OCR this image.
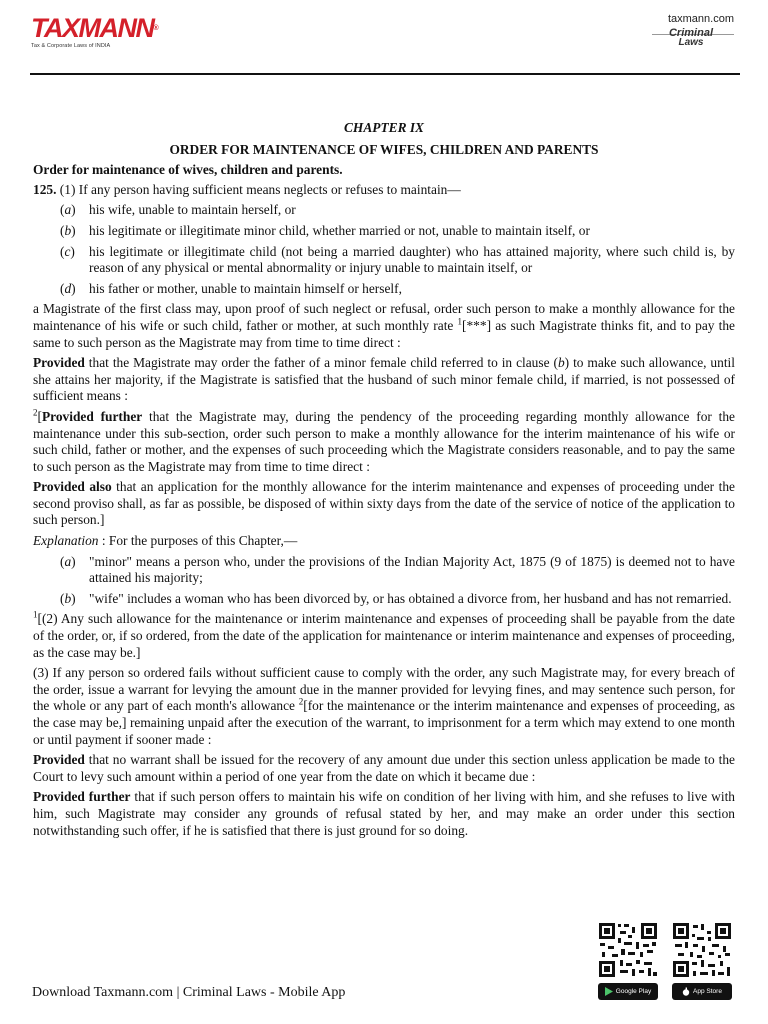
TAXMANN®
Tax & Corporate Laws of INDIA
taxmann.com
Criminal
Laws
CHAPTER IX
ORDER FOR MAINTENANCE OF WIFES, CHILDREN AND PARENTS
Order for maintenance of wives, children and parents.

125. (1) If any person having sufficient means neglects or refuses to maintain—

(a) his wife, unable to maintain herself, or
(b) his legitimate or illegitimate minor child, whether married or not, unable to maintain itself, or
(c) his legitimate or illegitimate child (not being a married daughter) who has attained majority, where such child is, by reason of any physical or mental abnormality or injury unable to maintain itself, or
(d) his father or mother, unable to maintain himself or herself,

a Magistrate of the first class may, upon proof of such neglect or refusal, order such person to make a monthly allowance for the maintenance of his wife or such child, father or mother, at such monthly rate $^1$[***] as such Magistrate thinks fit, and to pay the same to such person as the Magistrate may from time to time direct :

Provided that the Magistrate may order the father of a minor female child referred to in clause (b) to make such allowance, until she attains her majority, if the Magistrate is satisfied that the husband of such minor female child, if married, is not possessed of sufficient means :

$^2$[Provided further that the Magistrate may, during the pendency of the proceeding regarding monthly allowance for the maintenance under this sub-section, order such person to make a monthly allowance for the interim maintenance of his wife or such child, father or mother, and the expenses of such proceeding which the Magistrate considers reasonable, and to pay the same to such person as the Magistrate may from time to time direct :

Provided also that an application for the monthly allowance for the interim maintenance and expenses of proceeding under the second proviso shall, as far as possible, be disposed of within sixty days from the date of the service of notice of the application to such person.]

Explanation : For the purposes of this Chapter,—

(a) "minor" means a person who, under the provisions of the Indian Majority Act, 1875 (9 of 1875) is deemed not to have attained his majority;
(b) "wife" includes a woman who has been divorced by, or has obtained a divorce from, her husband and has not remarried.

$^1$[(2) Any such allowance for the maintenance or interim maintenance and expenses of proceeding shall be payable from the date of the order, or, if so ordered, from the date of the application for maintenance or interim maintenance and expenses of proceeding, as the case may be.]

(3) If any person so ordered fails without sufficient cause to comply with the order, any such Magistrate may, for every breach of the order, issue a warrant for levying the amount due in the manner provided for levying fines, and may sentence such person, for the whole or any part of each month's allowance $^2$[for the maintenance or the interim maintenance and expenses of proceeding, as the case may be,] remaining unpaid after the execution of the warrant, to imprisonment for a term which may extend to one month or until payment if sooner made :

Provided that no warrant shall be issued for the recovery of any amount due under this section unless application be made to the Court to levy such amount within a period of one year from the date on which it became due :

Provided further that if such person offers to maintain his wife on condition of her living with him, and she refuses to live with him, such Magistrate may consider any grounds of refusal stated by her, and may make an order under this section notwithstanding such offer, if he is satisfied that there is just ground for so doing.

Download Taxmann.com | Criminal Laws - Mobile App	Google Play	App Store
